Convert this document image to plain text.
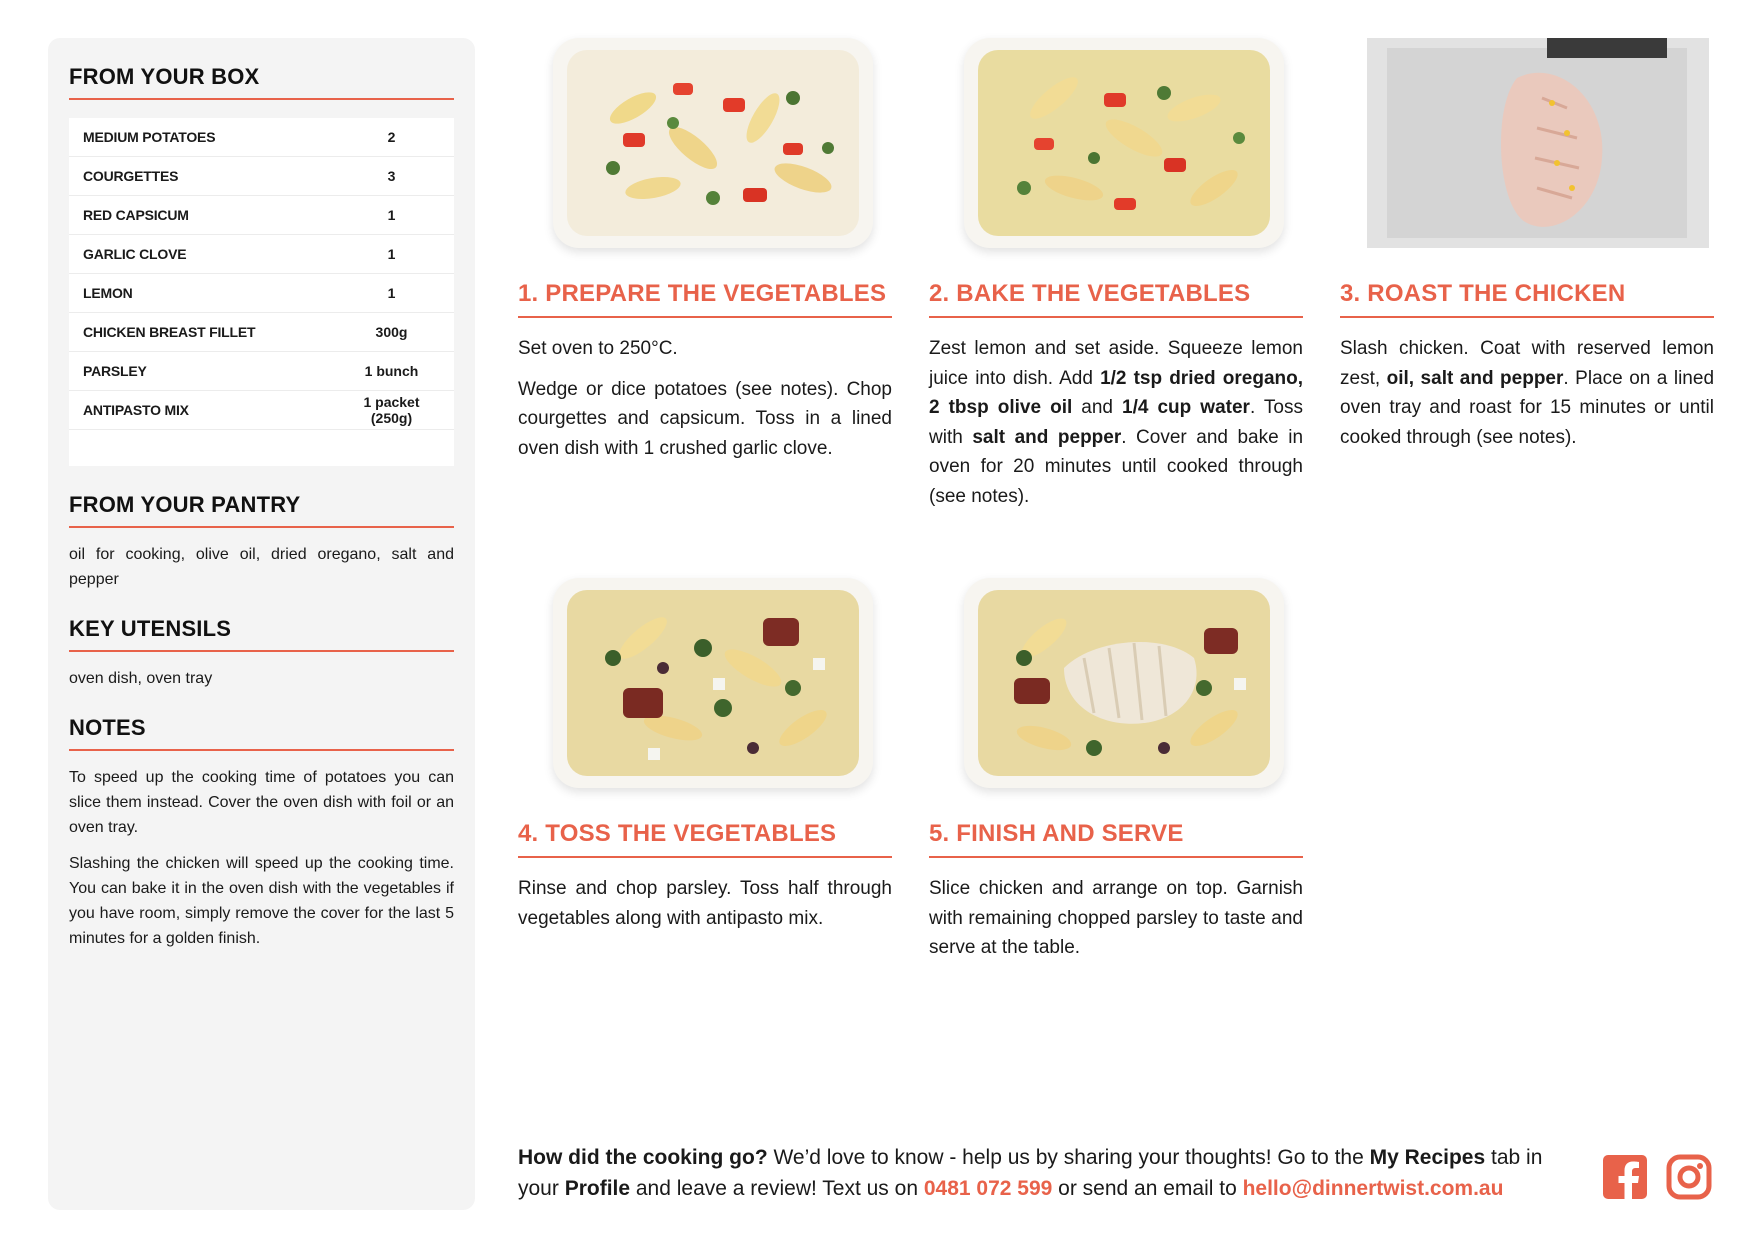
FROM YOUR BOX
MEDIUM POTATOES	2
COURGETTES	3
RED CAPSICUM	1
GARLIC CLOVE	1
LEMON	1
CHICKEN BREAST FILLET	300g
PARSLEY	1 bunch
ANTIPASTO MIX	1 packet (250g)
FROM YOUR PANTRY
oil for cooking, olive oil, dried oregano, salt and pepper
KEY UTENSILS
oven dish, oven tray
NOTES

To speed up the cooking time of potatoes you can slice them instead. Cover the oven dish with foil or an oven tray.

Slashing the chicken will speed up the cooking time. You can bake it in the oven dish with the vegetables if you have room, simply remove the cover for the last 5 minutes for a golden finish.

1. PREPARE THE VEGETABLES

Set oven to 250°C.

Wedge or dice potatoes (see notes). Chop courgettes and capsicum. Toss in a lined oven dish with 1 crushed garlic clove.

2. BAKE THE VEGETABLES

Zest lemon and set aside. Squeeze lemon juice into dish. Add 1/2 tsp dried oregano, 2 tbsp olive oil and 1/4 cup water. Toss with salt and pepper. Cover and bake in oven for 20 minutes until cooked through (see notes).

3. ROAST THE CHICKEN

Slash chicken. Coat with reserved lemon zest, oil, salt and pepper. Place on a lined oven tray and roast for 15 minutes or until cooked through (see notes).

4. TOSS THE VEGETABLES

Rinse and chop parsley. Toss half through vegetables along with antipasto mix.

5. FINISH AND SERVE

Slice chicken and arrange on top. Garnish with remaining chopped parsley to taste and serve at the table.

How did the cooking go? We’d love to know - help us by sharing your thoughts! Go to the My Recipes tab in your Profile and leave a review! Text us on 0481 072 599 or send an email to hello@dinnertwist.com.au
